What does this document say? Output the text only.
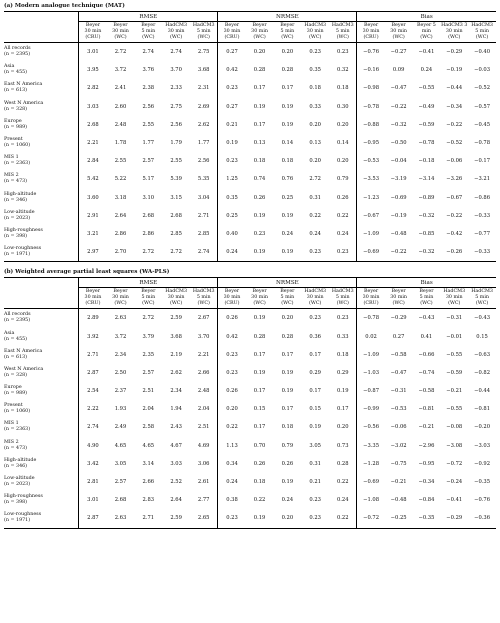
(a) Modern analogue technique (MAT)
	RMSE					NRMSE					Bias				

	Beyer
30 min
(CRU)	Beyer
30 min
(WC)	Beyer
5 min
(WC)	HadCM3
30 min
(WC)	HadCM3
5 min
(WC)	Beyer
30 min
(CRU)	Beyer
30 min
(WC)	Beyer
5 min
(WC)	HadCM3
30 min
(WC)	HadCM3
5 min
(WC)	Beyer
30 min
(CRU)	Beyer
30 min
(WC)	Beyer 5
min
(WC)	HadCM3 3
30 min
(WC)	HadCM3
5 min
(WC)

All records
(n = 2395)	3.01	2.72	2.74	2.74	2.75	0.27	0.20	0.20	0.23	0.23	−0.76	−0.27	−0.41	−0.29	−0.40

Asia
(n = 455)	3.95	3.72	3.76	3.70	3.68	0.42	0.28	0.28	0.35	0.32	−0.16	0.09	0.24	−0.19	−0.03

East N America
(n = 613)	2.82	2.41	2.38	2.33	2.31	0.23	0.17	0.17	0.18	0.18	−0.98	−0.47	−0.55	−0.44	−0.52

West N America
(n = 328)	3.03	2.60	2.56	2.75	2.69	0.27	0.19	0.19	0.33	0.30	−0.78	−0.22	−0.49	−0.34	−0.57

Europe
(n = 989)	2.68	2.48	2.55	2.56	2.62	0.21	0.17	0.19	0.20	0.20	−0.88	−0.32	−0.59	−0.22	−0.45

Present
(n = 1060)	2.21	1.78	1.77	1.79	1.77	0.19	0.13	0.14	0.13	0.14	−0.95	−0.50	−0.78	−0.52	−0.78

MIS 1
(n = 2363)	2.84	2.55	2.57	2.55	2.56	0.23	0.18	0.18	0.20	0.20	−0.53	−0.04	−0.18	−0.06	−0.17

MIS 2
(n = 473)	5.42	5.22	5.17	5.39	5.35	1.25	0.74	0.76	2.72	0.79	−3.53	−3.19	−3.14	−3.26	−3.21

High-altitude
(n = 346)	3.60	3.18	3.10	3.15	3.04	0.35	0.26	0.25	0.31	0.26	−1.23	−0.69	−0.89	−0.67	−0.86

Low-altitude
(n = 2023)	2.91	2.64	2.68	2.68	2.71	0.25	0.19	0.19	0.22	0.22	−0.67	−0.19	−0.32	−0.22	−0.33

High-roughness
(n = 398)	3.21	2.86	2.86	2.85	2.85	0.40	0.23	0.24	0.24	0.24	−1.09	−0.48	−0.85	−0.42	−0.77

Low-roughness
(n = 1971)	2.97	2.70	2.72	2.72	2.74	0.24	0.19	0.19	0.23	0.23	−0.69	−0.22	−0.32	−0.26	−0.33
(b) Weighted average partial least squares (WA-PLS)
	RMSE					NRMSE					Bias				

	Beyer
30 min
(CRU)	Beyer
30 min
(WC)	Beyer
5 min
(WC)	HadCM3
30 min
(WC)	HadCM3
5 min
(WC)	Beyer
30 min
(CRU)	Beyer
30 min
(WC)	Beyer
5 min
(WC)	HadCM3
30 min
(WC)	HadCM3
5 min
(WC)	Beyer
30 min
(CRU)	Beyer
30 min
(WC)	Beyer
5 min
(WC)	HadCM3
30 min
(WC)	HadCM3
5 min
(WC)

All records
(n = 2395)	2.89	2.63	2.72	2.59	2.67	0.26	0.19	0.20	0.23	0.23	−0.78	−0.29	−0.43	−0.31	−0.43

Asia
(n = 455)	3.92	3.72	3.79	3.68	3.70	0.42	0.28	0.28	0.36	0.33	0.02	0.27	0.41	−0.01	0.15

East N America
(n = 613)	2.71	2.34	2.35	2.19	2.21	0.23	0.17	0.17	0.17	0.18	−1.09	−0.58	−0.66	−0.55	−0.63

West N America
(n = 328)	2.87	2.50	2.57	2.62	2.66	0.23	0.19	0.19	0.29	0.29	−1.03	−0.47	−0.74	−0.59	−0.82

Europe
(n = 989)	2.54	2.37	2.51	2.34	2.48	0.26	0.17	0.19	0.17	0.19	−0.87	−0.31	−0.58	−0.21	−0.44

Present
(n = 1060)	2.22	1.93	2.04	1.94	2.04	0.20	0.15	0.17	0.15	0.17	−0.99	−0.53	−0.81	−0.55	−0.81

MIS 1
(n = 2363)	2.74	2.49	2.58	2.43	2.51	0.22	0.17	0.18	0.19	0.20	−0.56	−0.06	−0.21	−0.08	−0.20

MIS 2
(n = 473)	4.90	4.65	4.65	4.67	4.69	1.13	0.70	0.79	3.05	0.73	−3.35	−3.02	−2.96	−3.08	−3.03

High-altitude
(n = 346)	3.42	3.05	3.14	3.03	3.06	0.34	0.26	0.26	0.31	0.28	−1.28	−0.75	−0.95	−0.72	−0.92

Low-altitude
(n = 2023)	2.81	2.57	2.66	2.52	2.61	0.24	0.18	0.19	0.21	0.22	−0.69	−0.21	−0.34	−0.24	−0.35

High-roughness
(n = 398)	3.01	2.68	2.83	2.64	2.77	0.38	0.22	0.24	0.23	0.24	−1.08	−0.48	−0.84	−0.41	−0.76

Low-roughness
(n = 1971)	2.87	2.63	2.71	2.59	2.65	0.23	0.19	0.20	0.23	0.22	−0.72	−0.25	−0.35	−0.29	−0.36
